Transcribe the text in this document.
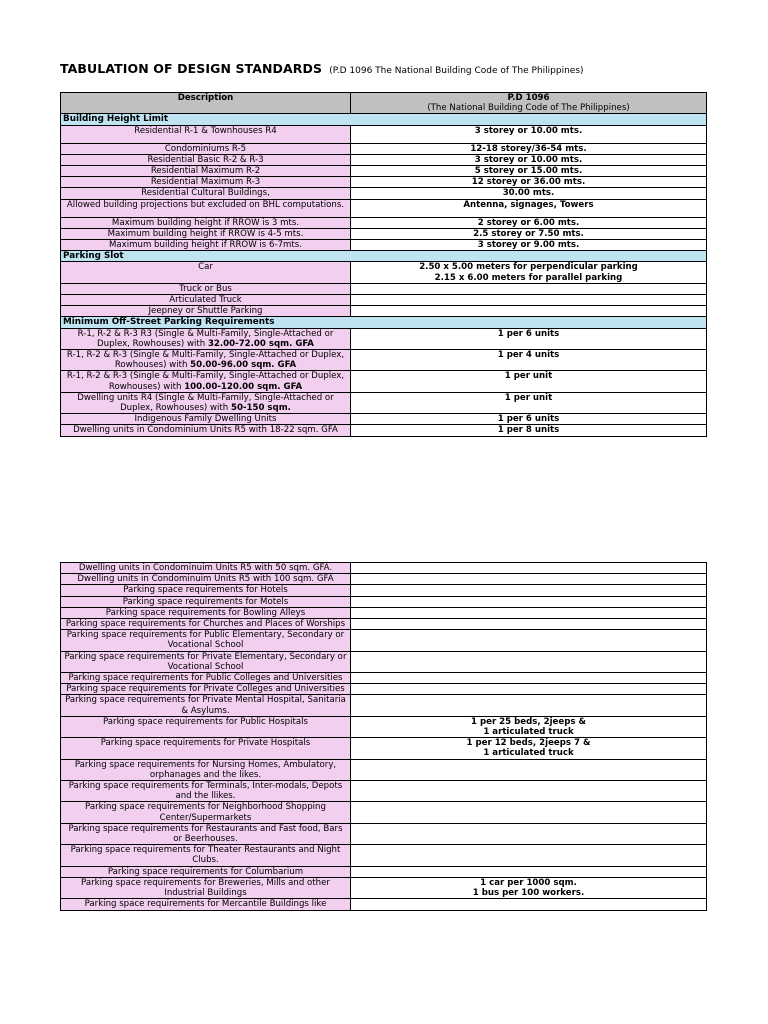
TABULATION OF DESIGN STANDARDS (P.D 1096 The National Building Code of The Philippines)
Description	P.D 1096
(The National Building Code of The Philippines)

Building Height Limit	
Residential R-1 & Townhouses R4	3 storey or 10.00 mts.
Condominiums R-5	12-18 storey/36-54 mts.
Residential Basic R-2 & R-3	3 storey or 10.00 mts.
Residential Maximum R-2	5 storey or 15.00 mts.
Residential Maximum R-3	12 storey or 36.00 mts.
Residential Cultural Buildings,	30.00 mts.
Allowed building projections but excluded on BHL computations.	Antenna, signages, Towers
Maximum building height if RROW is 3 mts.	2 storey or 6.00 mts.
Maximum building height if RROW is 4-5 mts.	2.5 storey or 7.50 mts.
Maximum building height if RROW is 6-7mts.	3 storey or 9.00 mts.
Parking Slot	
Car	2.50 x 5.00 meters for perpendicular parking
2.15 x 6.00 meters for parallel parking

Truck or Bus	
Articulated Truck	
Jeepney or Shuttle Parking	
Minimum Off-Street Parking Requirements	
R-1, R-2 & R-3 R3 (Single & Multi-Family, Single-Attached or Duplex, Rowhouses) with 32.00-72.00 sqm. GFA	1 per 6 units
R-1, R-2 & R-3 (Single & Multi-Family, Single-Attached or Duplex, Rowhouses) with 50.00-96.00 sqm. GFA	1 per 4 units
R-1, R-2 & R-3 (Single & Multi-Family, Single-Attached or Duplex, Rowhouses) with 100.00-120.00 sqm. GFA	1 per unit
Dwelling units R4 (Single & Multi-Family, Single-Attached or Duplex, Rowhouses) with 50-150 sqm.	1 per unit
Indigenous Family Dwelling Units	1 per 6 units
Dwelling units in Condominium Units R5 with 18-22 sqm. GFA	1 per 8 units
Dwelling units in Condominuim Units R5 with 50 sqm. GFA.	
Dwelling units in Condominuim Units R5 with 100 sqm. GFA	
Parking space requirements for Hotels	
Parking space requirements for Motels	
Parking space requirements for Bowling Alleys	
Parking space requirements for Churches and Places of Worships	
Parking space requirements for Public Elementary, Secondary or Vocational School	
Parking space requirements for Private Elementary, Secondary or Vocational School	
Parking space requirements for Public Colleges and Universities	
Parking space requirements for Private Colleges and Universities	
Parking space requirements for Private Mental Hospital, Sanitaria & Asylums.	
Parking space requirements for Public Hospitals	1 per 25 beds, 2jeeps &
1 articulated truck

Parking space requirements for Private Hospitals	1 per 12 beds, 2jeeps 7 &
1 articulated truck

Parking space requirements for Nursing Homes, Ambulatory, orphanages and the likes.	
Parking space requirements for Terminals, Inter-modals, Depots and the llikes.	
Parking space requirements for Neighborhood Shopping Center/Supermarkets	
Parking space requirements for Restaurants and Fast food, Bars or Beerhouses.	
Parking space requirements for Theater Restaurants and Night Clubs.	
Parking space requirements for Columbarium	
Parking space requirements for Breweries, Mills and other Industrial Buildings	1 car per 1000 sqm.
1 bus per 100 workers.

Parking space requirements for Mercantile Buildings like	
